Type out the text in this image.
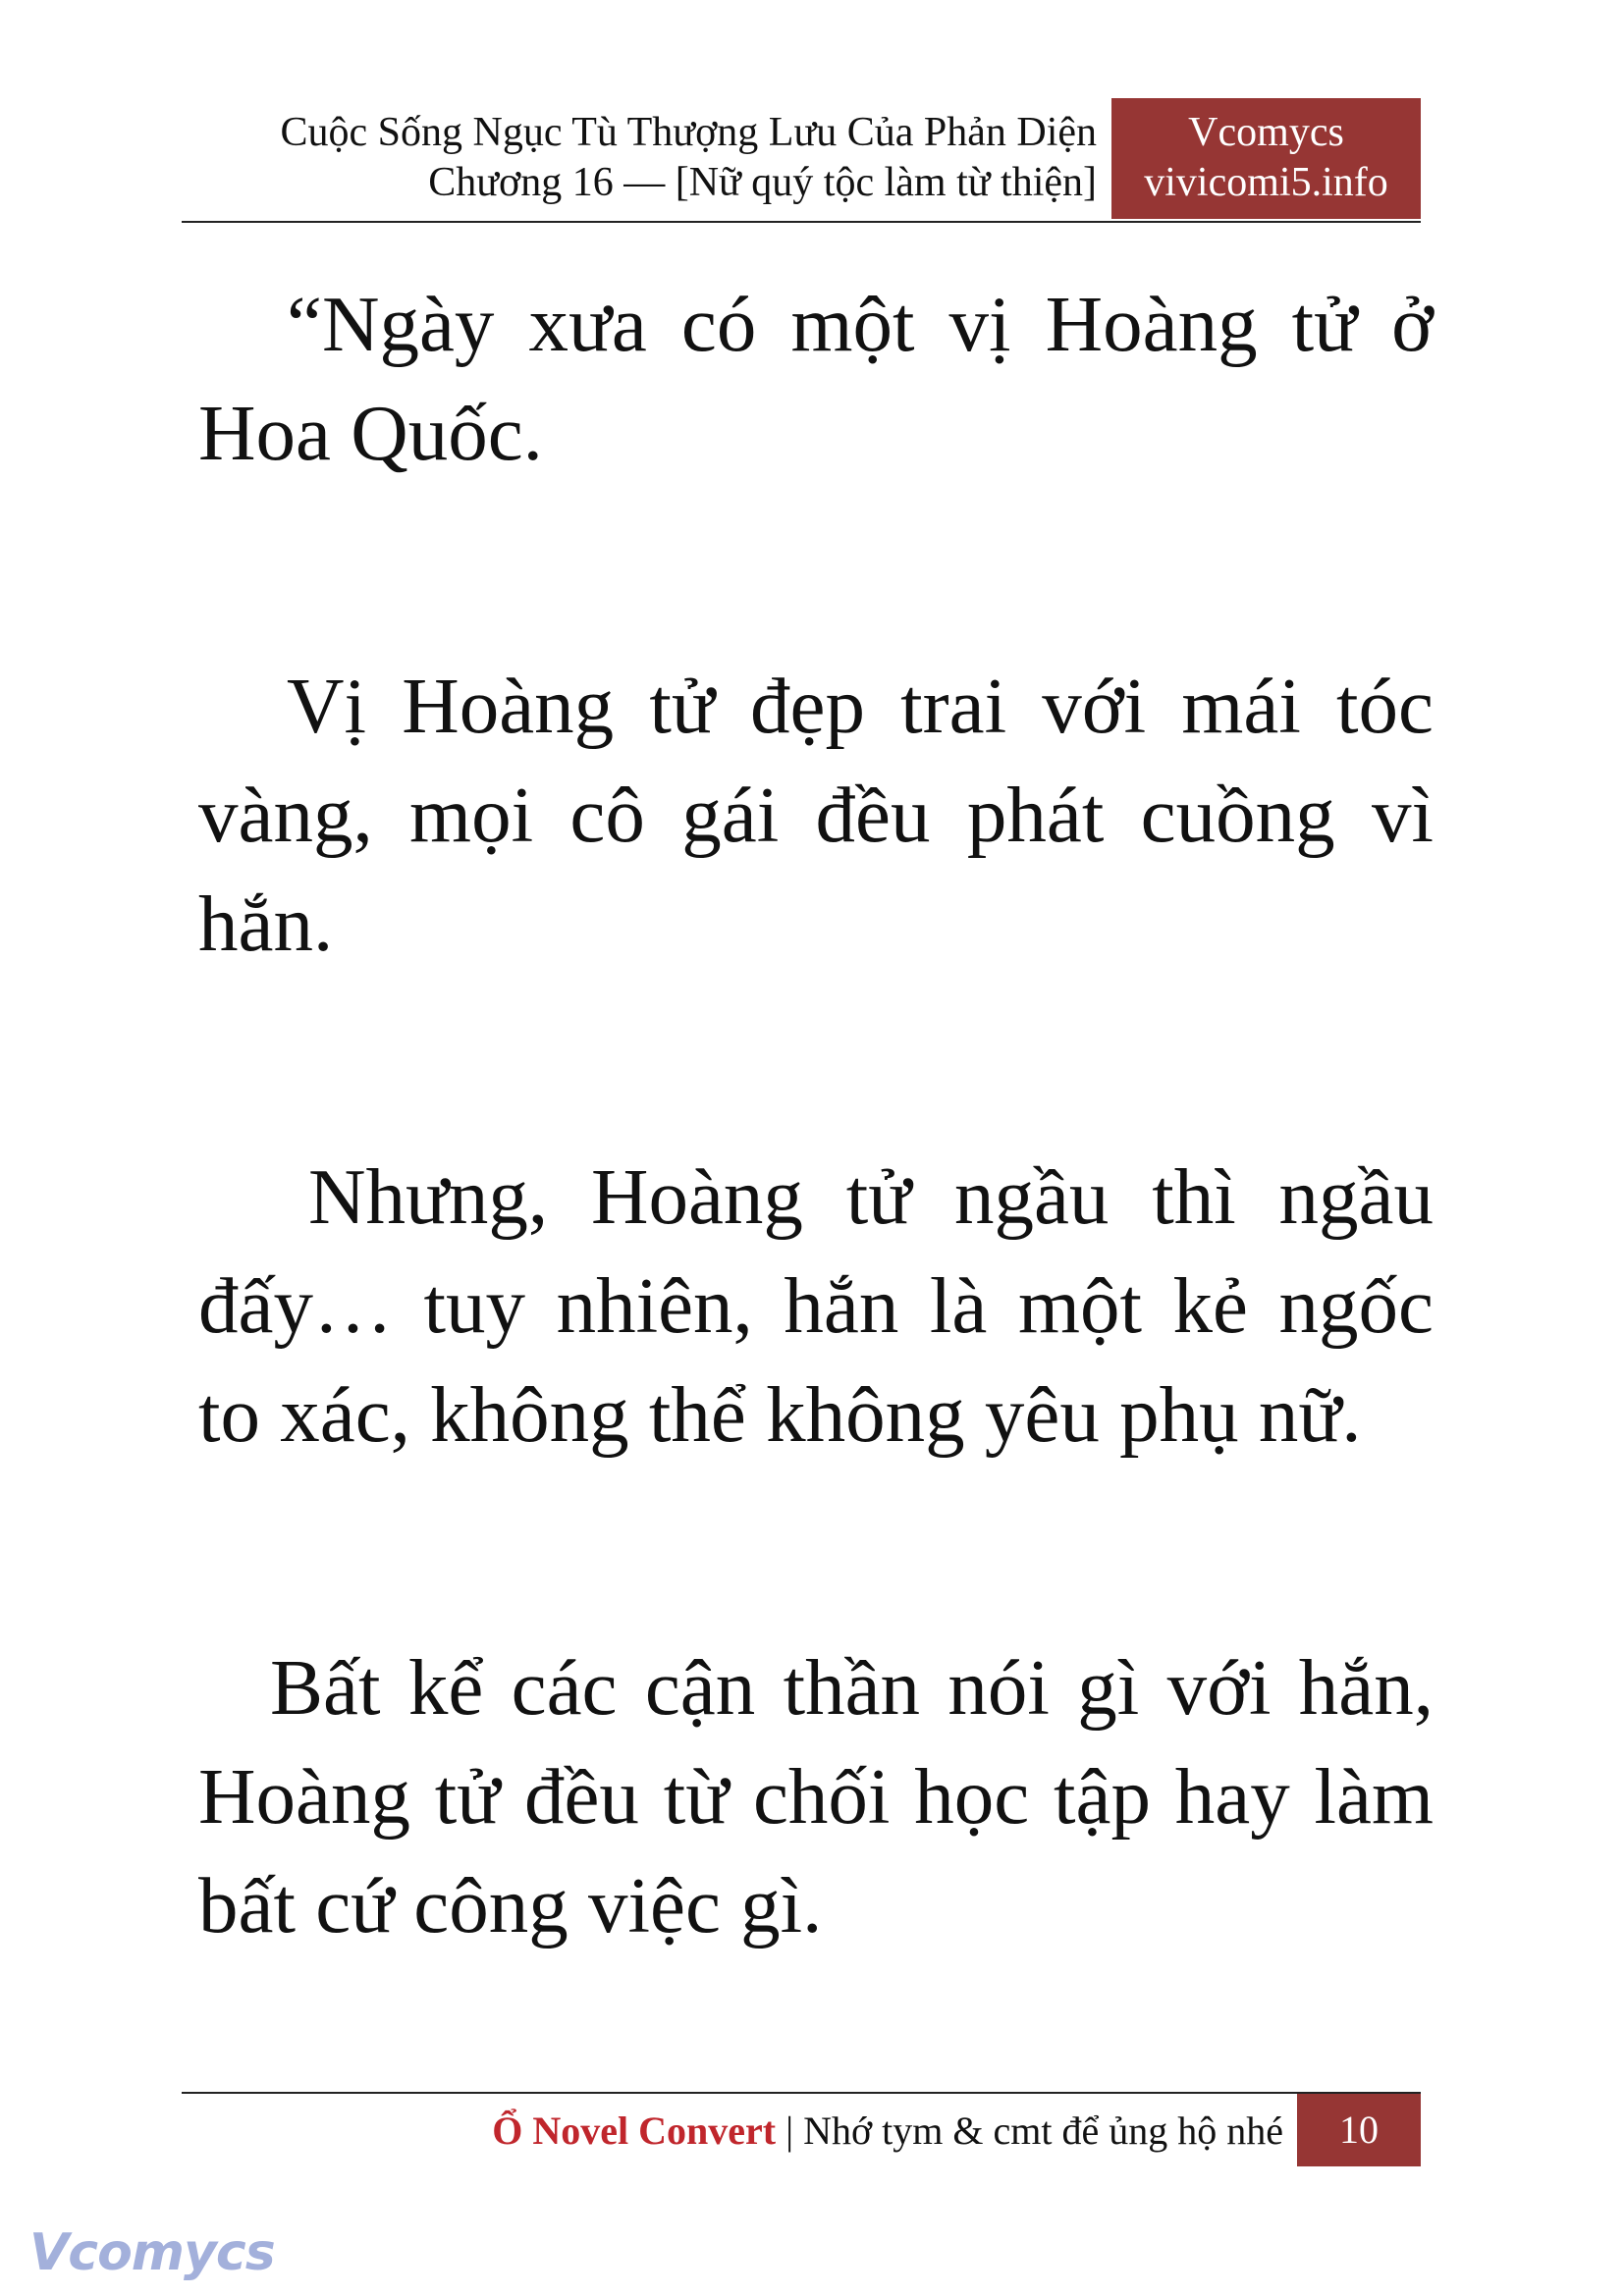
Cuộc Sống Ngục Tù Thượng Lưu Của Phản Diện
Chương 16 — [Nữ quý tộc làm từ thiện]
Vcomycs
vivicomi5.info

“Ngày xưa có một vị Hoàng tử ở Hoa Quốc.

Vị Hoàng tử đẹp trai với mái tóc vàng, mọi cô gái đều phát cuồng vì hắn.

Nhưng, Hoàng tử ngầu thì ngầu đấy… tuy nhiên, hắn là một kẻ ngốc to xác, không thể không yêu phụ nữ.

Bất kể các cận thần nói gì với hắn, Hoàng tử đều từ chối học tập hay làm bất cứ công việc gì.

Ổ Novel Convert | Nhớ tym & cmt để ủng hộ nhé	10
Vcomycs
